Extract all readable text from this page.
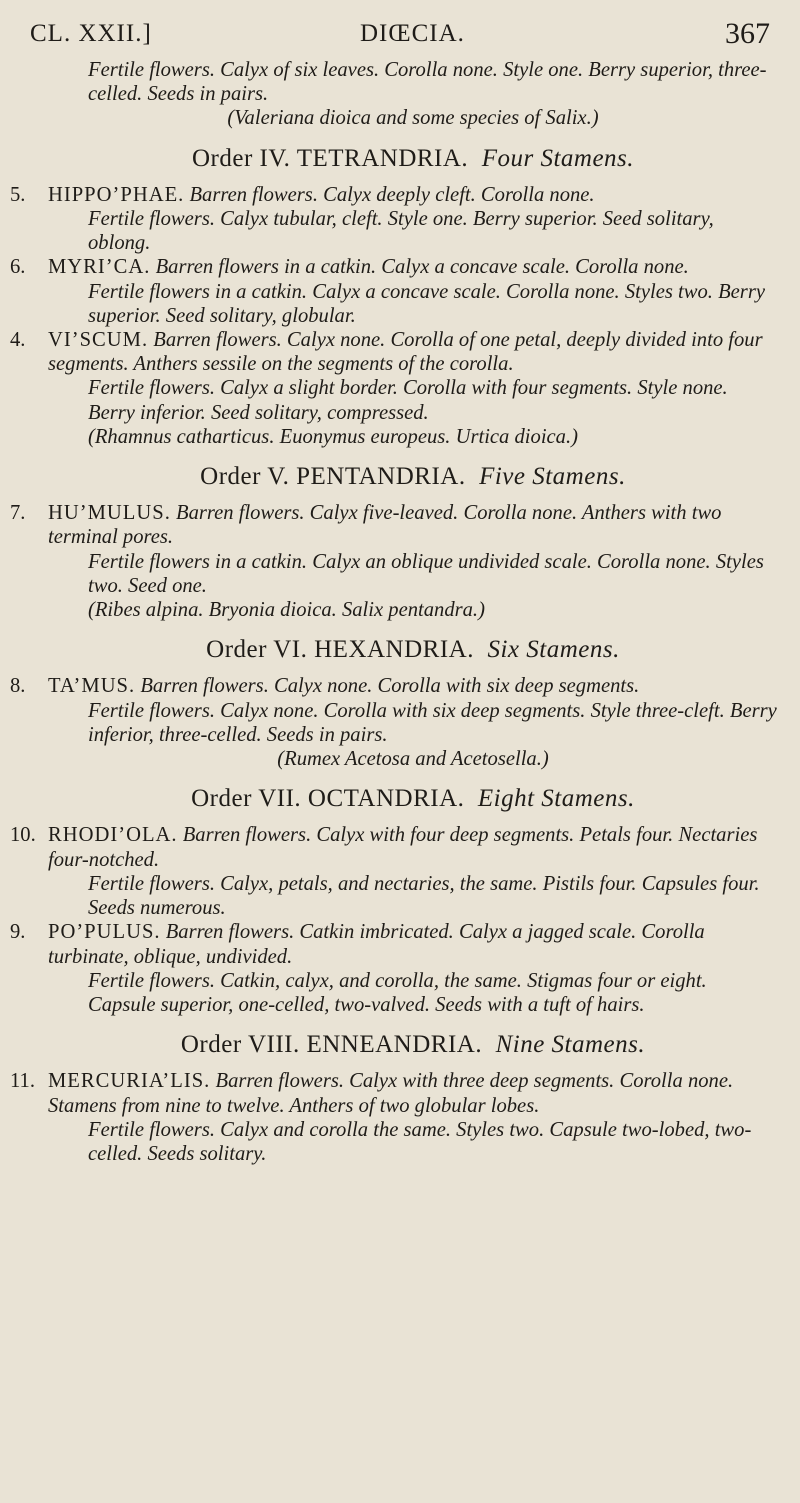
CL. XXII.]	DIŒCIA.	367

Fertile flowers. Calyx of six leaves. Corolla none. Style one. Berry superior, three-celled. Seeds in pairs.

(Valeriana dioica and some species of Salix.)

Order IV. TETRANDRIA. Four Stamens.

5. HIPPO’PHAE. Barren flowers. Calyx deeply cleft. Corolla none.

Fertile flowers. Calyx tubular, cleft. Style one. Berry superior. Seed solitary, oblong.

6. MYRI’CA. Barren flowers in a catkin. Calyx a concave scale. Corolla none.

Fertile flowers in a catkin. Calyx a concave scale. Corolla none. Styles two. Berry superior. Seed solitary, globular.

4. VI’SCUM. Barren flowers. Calyx none. Corolla of one petal, deeply divided into four segments. Anthers sessile on the segments of the corolla.

Fertile flowers. Calyx a slight border. Corolla with four segments. Style none. Berry inferior. Seed solitary, compressed.

(Rhamnus catharticus. Euonymus europeus. Urtica dioica.)

Order V. PENTANDRIA. Five Stamens.

7. HU’MULUS. Barren flowers. Calyx five-leaved. Corolla none. Anthers with two terminal pores.

Fertile flowers in a catkin. Calyx an oblique undivided scale. Corolla none. Styles two. Seed one.

(Ribes alpina. Bryonia dioica. Salix pentandra.)

Order VI. HEXANDRIA. Six Stamens.

8. TA’MUS. Barren flowers. Calyx none. Corolla with six deep segments.

Fertile flowers. Calyx none. Corolla with six deep segments. Style three-cleft. Berry inferior, three-celled. Seeds in pairs.

(Rumex Acetosa and Acetosella.)

Order VII. OCTANDRIA. Eight Stamens.

10. RHODI’OLA. Barren flowers. Calyx with four deep segments. Petals four. Nectaries four-notched.

Fertile flowers. Calyx, petals, and nectaries, the same. Pistils four. Capsules four. Seeds numerous.

9. PO’PULUS. Barren flowers. Catkin imbricated. Calyx a jagged scale. Corolla turbinate, oblique, undivided.

Fertile flowers. Catkin, calyx, and corolla, the same. Stigmas four or eight. Capsule superior, one-celled, two-valved. Seeds with a tuft of hairs.

Order VIII. ENNEANDRIA. Nine Stamens.

11. MERCURIA’LIS. Barren flowers. Calyx with three deep segments. Corolla none. Stamens from nine to twelve. Anthers of two globular lobes.

Fertile flowers. Calyx and corolla the same. Styles two. Capsule two-lobed, two-celled. Seeds solitary.
